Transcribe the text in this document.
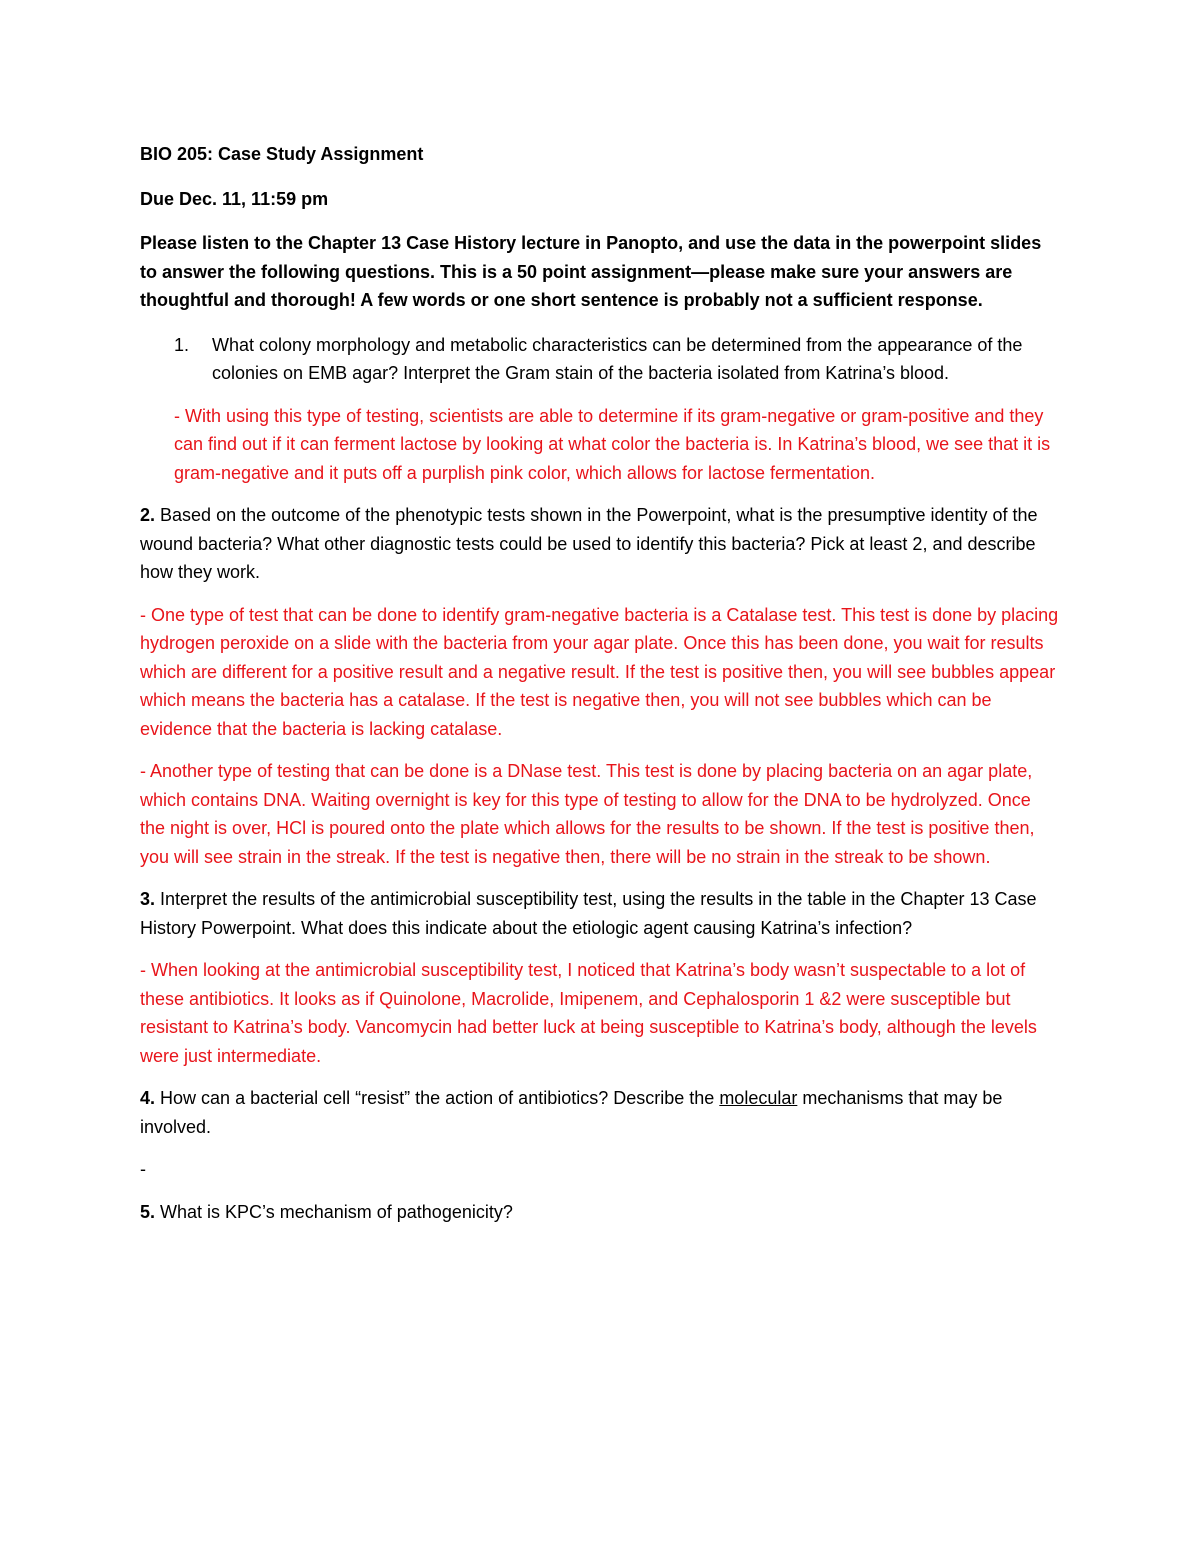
BIO 205: Case Study Assignment

Due Dec. 11, 11:59 pm

Please listen to the Chapter 13 Case History lecture in Panopto, and use the data in the powerpoint slides to answer the following questions. This is a 50 point assignment—please make sure your answers are thoughtful and thorough! A few words or one short sentence is probably not a sufficient response.

1.	What colony morphology and metabolic characteristics can be determined from the appearance of the colonies on EMB agar? Interpret the Gram stain of the bacteria isolated from Katrina’s blood.

- With using this type of testing, scientists are able to determine if its gram-negative or gram-positive and they can find out if it can ferment lactose by looking at what color the bacteria is. In Katrina’s blood, we see that it is gram-negative and it puts off a purplish pink color, which allows for lactose fermentation.

2. Based on the outcome of the phenotypic tests shown in the Powerpoint, what is the presumptive identity of the wound bacteria? What other diagnostic tests could be used to identify this bacteria? Pick at least 2, and describe how they work.

- One type of test that can be done to identify gram-negative bacteria is a Catalase test. This test is done by placing hydrogen peroxide on a slide with the bacteria from your agar plate. Once this has been done, you wait for results which are different for a positive result and a negative result. If the test is positive then, you will see bubbles appear which means the bacteria has a catalase. If the test is negative then, you will not see bubbles which can be evidence that the bacteria is lacking catalase.

- Another type of testing that can be done is a DNase test. This test is done by placing bacteria on an agar plate, which contains DNA. Waiting overnight is key for this type of testing to allow for the DNA to be hydrolyzed. Once the night is over, HCl is poured onto the plate which allows for the results to be shown. If the test is positive then, you will see strain in the streak. If the test is negative then, there will be no strain in the streak to be shown.

3. Interpret the results of the antimicrobial susceptibility test, using the results in the table in the Chapter 13 Case History Powerpoint. What does this indicate about the etiologic agent causing Katrina’s infection?

- When looking at the antimicrobial susceptibility test, I noticed that Katrina’s body wasn’t suspectable to a lot of these antibiotics. It looks as if Quinolone, Macrolide, Imipenem, and Cephalosporin 1 &2 were susceptible but resistant to Katrina’s body. Vancomycin had better luck at being susceptible to Katrina’s body, although the levels were just intermediate.

4. How can a bacterial cell “resist” the action of antibiotics? Describe the molecular mechanisms that may be involved.

-

5. What is KPC’s mechanism of pathogenicity?
